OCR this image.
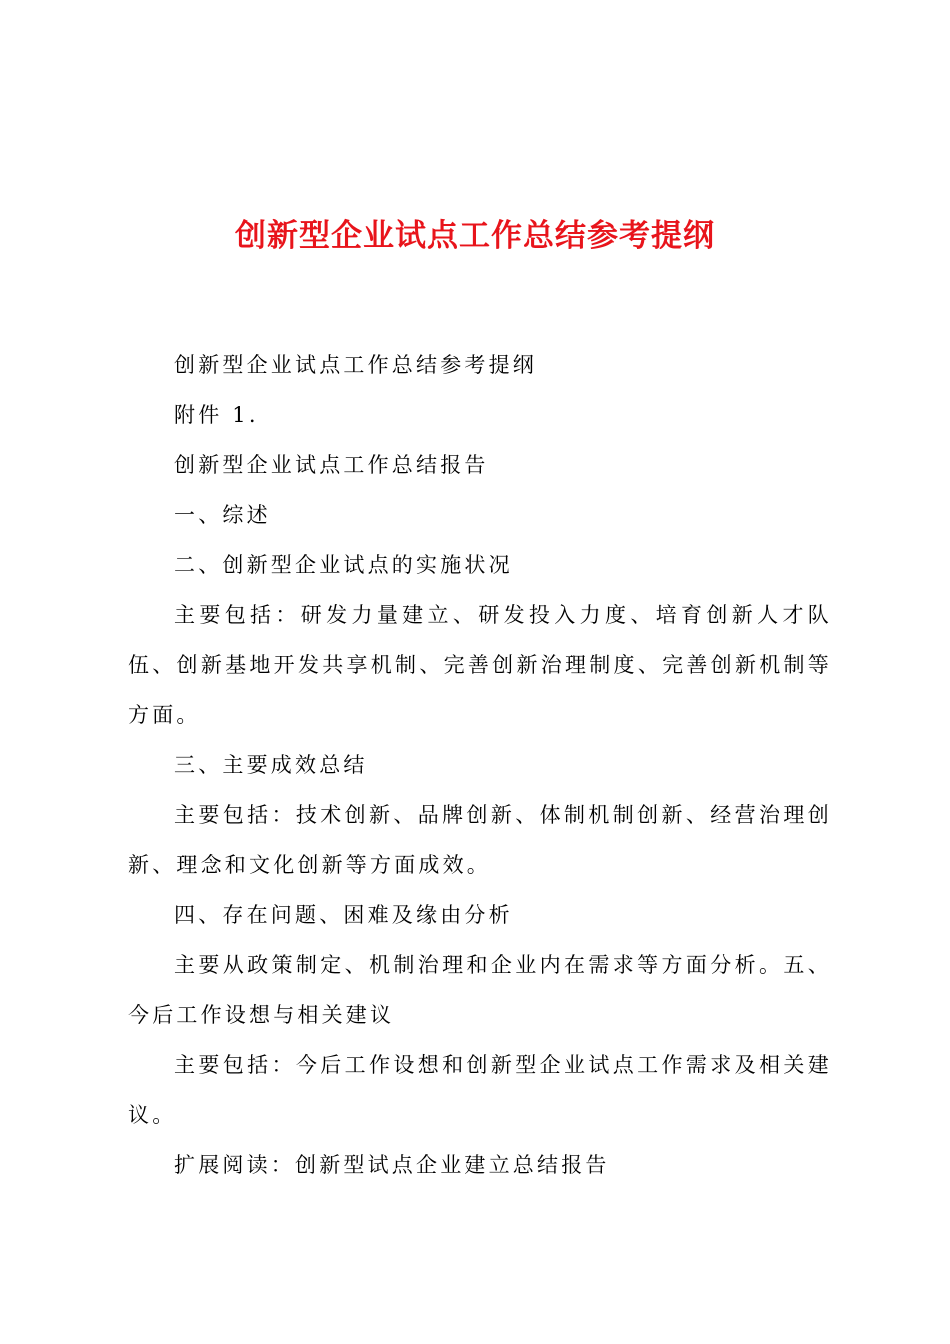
创新型企业试点工作总结参考提纲

创新型企业试点工作总结参考提纲

附件 1.

创新型企业试点工作总结报告

一、综述

二、创新型企业试点的实施状况

主要包括：研发力量建立、研发投入力度、培育创新人才队伍、创新基地开发共享机制、完善创新治理制度、完善创新机制等方面。

三、主要成效总结

主要包括：技术创新、品牌创新、体制机制创新、经营治理创新、理念和文化创新等方面成效。

四、存在问题、困难及缘由分析

主要从政策制定、机制治理和企业内在需求等方面分析。五、今后工作设想与相关建议

主要包括：今后工作设想和创新型企业试点工作需求及相关建议。

扩展阅读：创新型试点企业建立总结报告
